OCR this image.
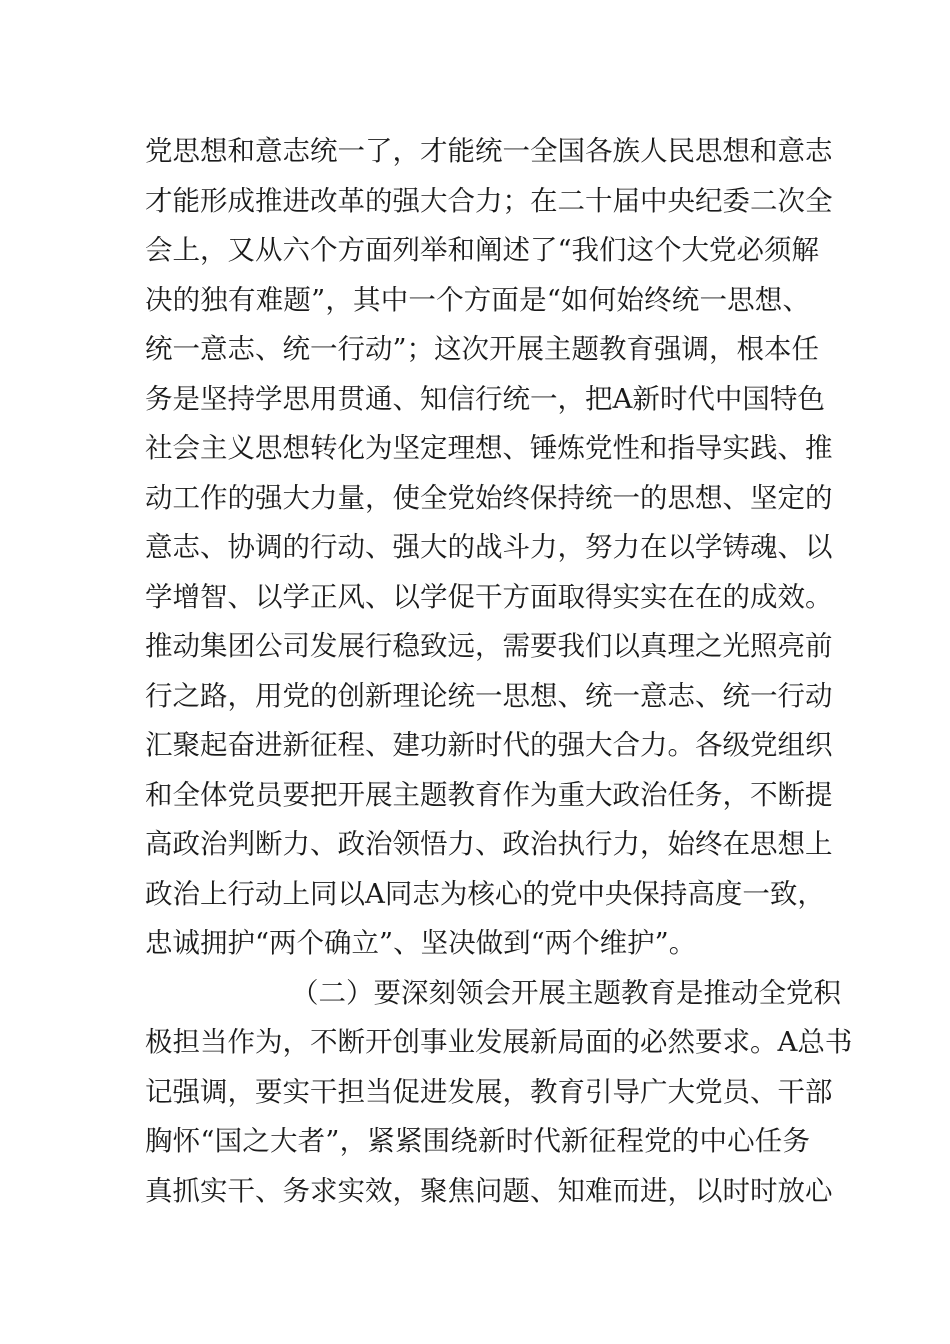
党思想和意志统一了，才能统一全国各族人民思想和意志
才能形成推进改革的强大合力；在二十届中央纪委二次全
会上，又从六个方面列举和阐述了“我们这个大党必须解
决的独有难题”，其中一个方面是“如何始终统一思想、
统一意志、统一行动”；这次开展主题教育强调，根本任
务是坚持学思用贯通、知信行统一，把A新时代中国特色
社会主义思想转化为坚定理想、锤炼党性和指导实践、推
动工作的强大力量，使全党始终保持统一的思想、坚定的
意志、协调的行动、强大的战斗力，努力在以学铸魂、以
学增智、以学正风、以学促干方面取得实实在在的成效。
推动集团公司发展行稳致远，需要我们以真理之光照亮前
行之路，用党的创新理论统一思想、统一意志、统一行动
汇聚起奋进新征程、建功新时代的强大合力。各级党组织
和全体党员要把开展主题教育作为重大政治任务，不断提
高政治判断力、政治领悟力、政治执行力，始终在思想上
政治上行动上同以A同志为核心的党中央保持高度一致，
忠诚拥护“两个确立”、坚决做到“两个维护”。
（二）要深刻领会开展主题教育是推动全党积
极担当作为，不断开创事业发展新局面的必然要求。A总书
记强调，要实干担当促进发展，教育引导广大党员、干部
胸怀“国之大者”，紧紧围绕新时代新征程党的中心任务
真抓实干、务求实效，聚焦问题、知难而进，以时时放心
